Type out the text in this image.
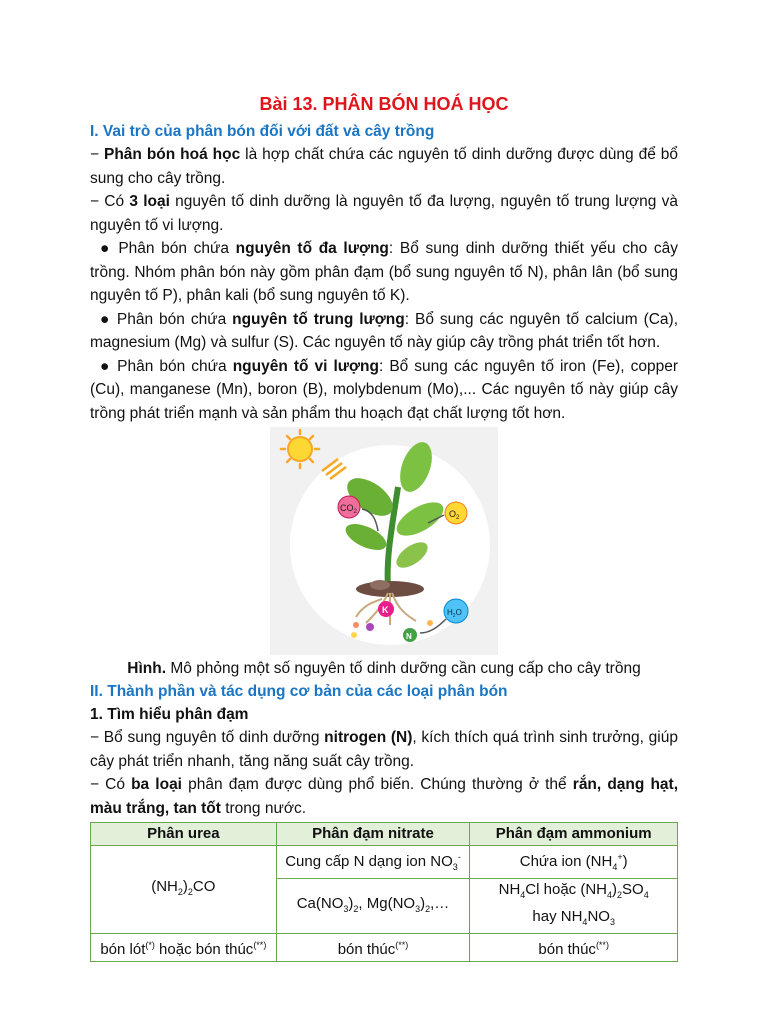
Bài 13. PHÂN BÓN HOÁ HỌC
I. Vai trò của phân bón đối với đất và cây trồng

− Phân bón hoá học là hợp chất chứa các nguyên tố dinh dưỡng được dùng để bổ sung cho cây trồng.

− Có 3 loại nguyên tố dinh dưỡng là nguyên tố đa lượng, nguyên tố trung lượng và nguyên tố vi lượng.

● Phân bón chứa nguyên tố đa lượng: Bổ sung dinh dưỡng thiết yếu cho cây trồng. Nhóm phân bón này gồm phân đạm (bổ sung nguyên tố N), phân lân (bổ sung nguyên tố P), phân kali (bổ sung nguyên tố K).

● Phân bón chứa nguyên tố trung lượng: Bổ sung các nguyên tố calcium (Ca), magnesium (Mg) và sulfur (S). Các nguyên tố này giúp cây trồng phát triển tốt hơn.

● Phân bón chứa nguyên tố vi lượng: Bổ sung các nguyên tố iron (Fe), copper (Cu), manganese (Mn), boron (B), molybdenum (Mo),... Các nguyên tố này giúp cây trồng phát triển mạnh và sản phẩm thu hoạch đạt chất lượng tốt hơn.

$CO_2$	$O_2$
K
N
$H_2O$
Hình. Mô phỏng một số nguyên tố dinh dưỡng cần cung cấp cho cây trồng
II. Thành phần và tác dụng cơ bản của các loại phân bón
1. Tìm hiểu phân đạm

− Bổ sung nguyên tố dinh dưỡng nitrogen (N), kích thích quá trình sinh trưởng, giúp cây phát triển nhanh, tăng năng suất cây trồng.

− Có ba loại phân đạm được dùng phổ biến. Chúng thường ở thể rắn, dạng hạt, màu trắng, tan tốt trong nước.

Phân urea	Phân đạm nitrate	Phân đạm ammonium
$(NH_2)_2CO$	Cung cấp N dạng ion $NO_3^-$	Chứa ion $(NH_4^+)$
	$Ca(NO_3)_2$, $Mg(NO_3)_2,\dots$	$NH_4Cl$ hoặc $(NH_4)_2SO_4$
hay $NH_4NO_3$

bón lót(*) hoặc bón thúc(**)	bón thúc(**)	bón thúc(**)
